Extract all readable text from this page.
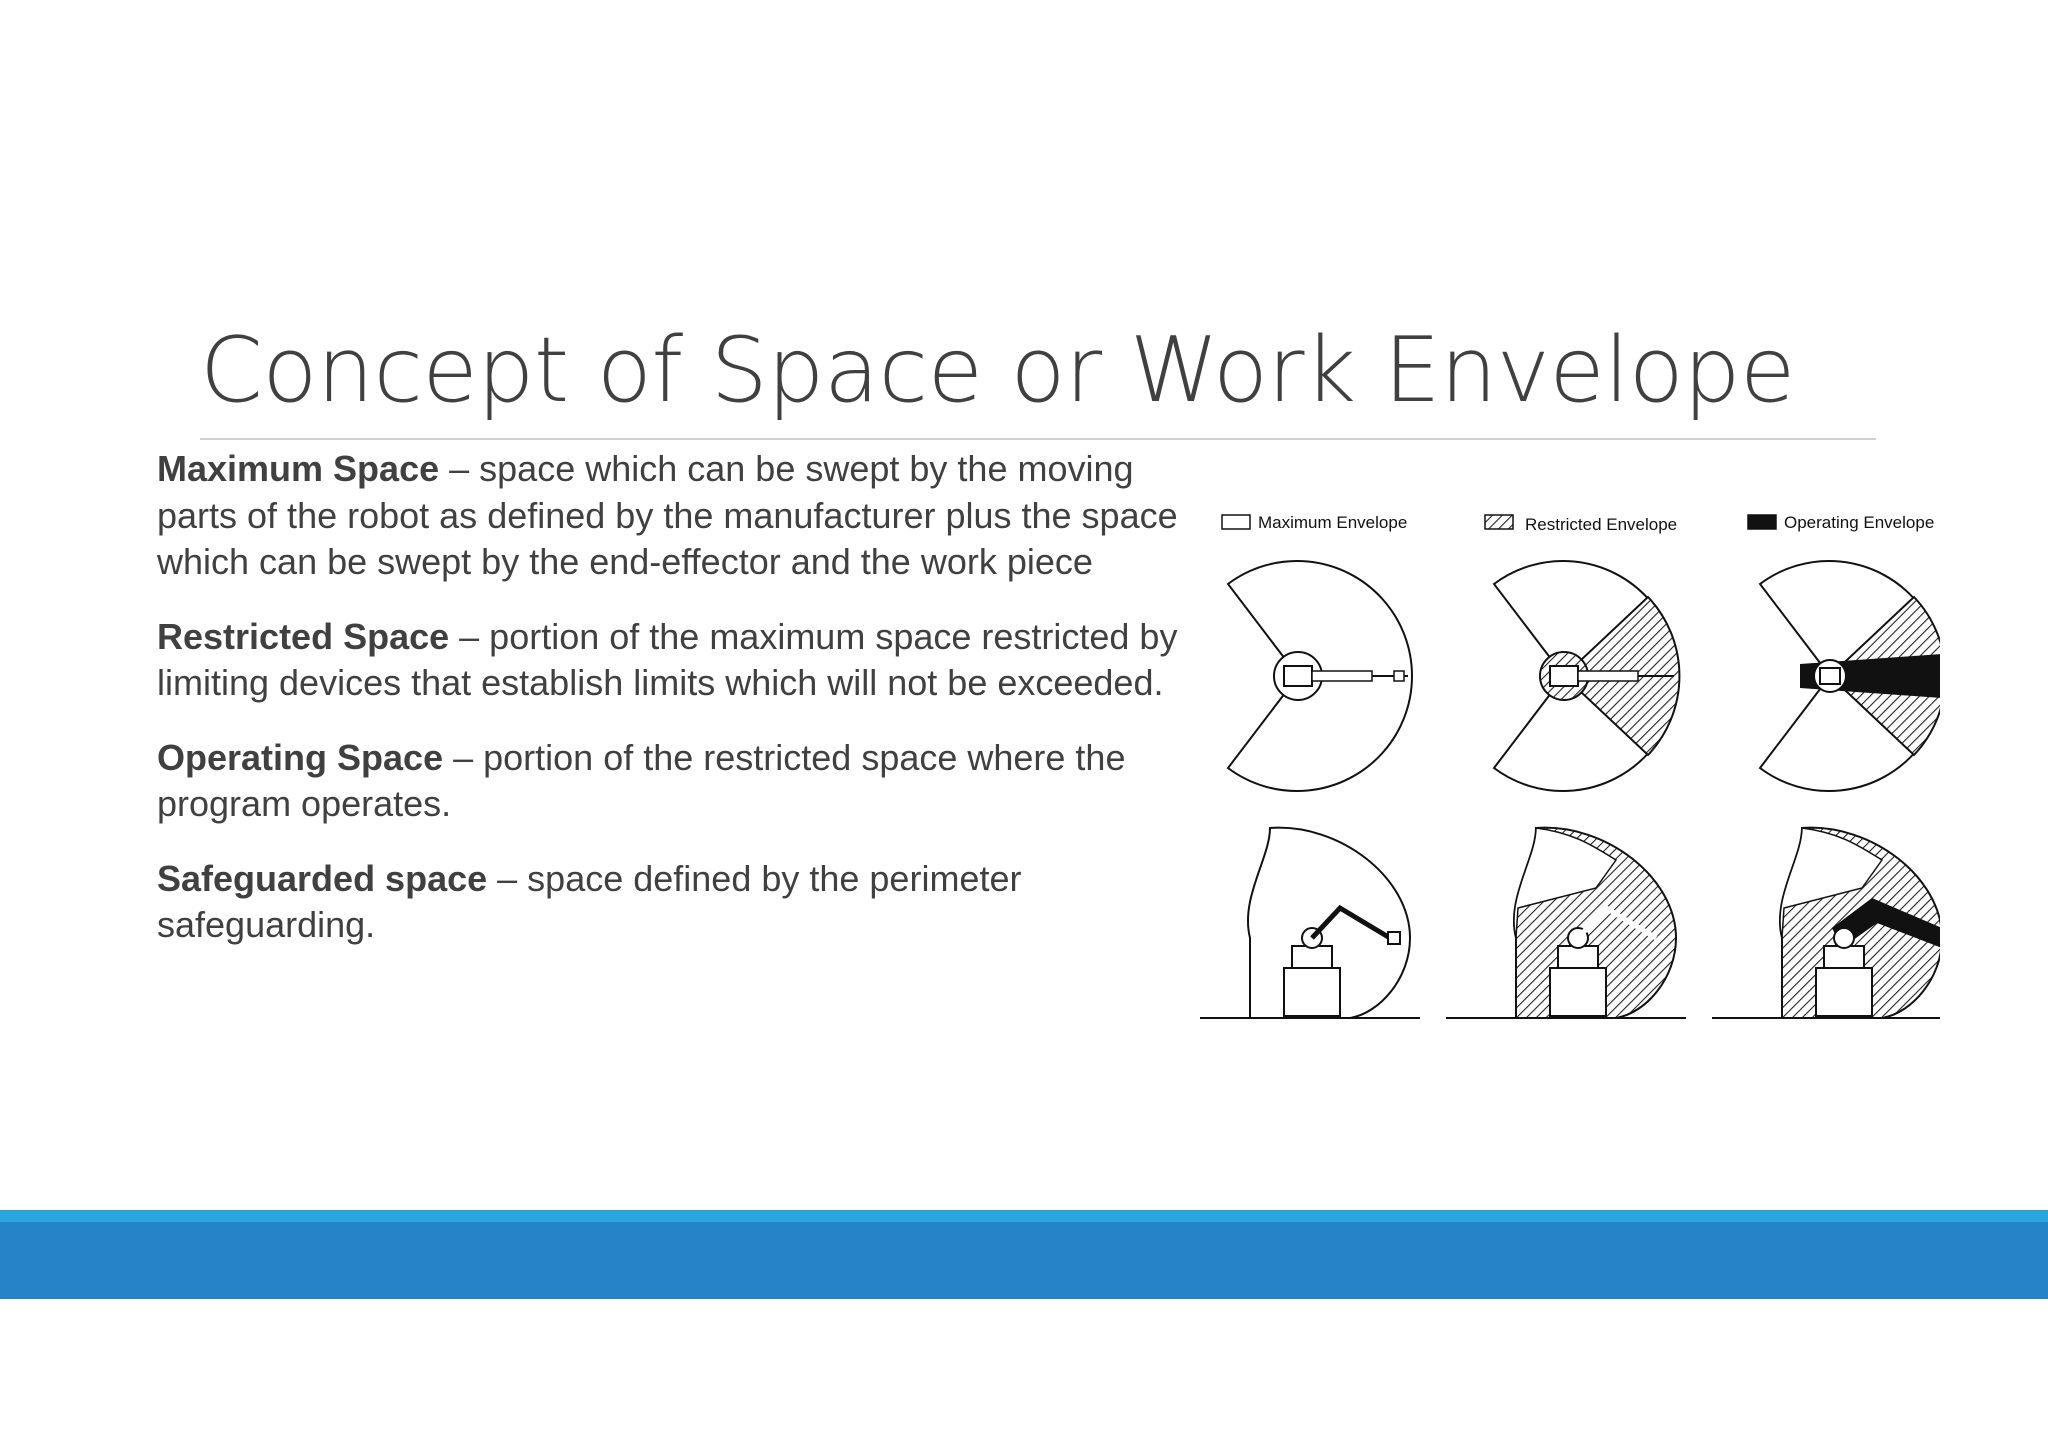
Concept of Space or Work Envelope

Maximum Space – space which can be swept by the moving parts of the robot as defined by the manufacturer plus the space which can be swept by the end-effector and the work piece

Restricted Space – portion of the maximum space restricted by limiting devices that establish limits which will not be exceeded.

Operating Space – portion of the restricted space where the program operates.

Safeguarded space – space defined by the perimeter safeguarding.

Maximum Envelope	Restricted Envelope	Operating Envelope
